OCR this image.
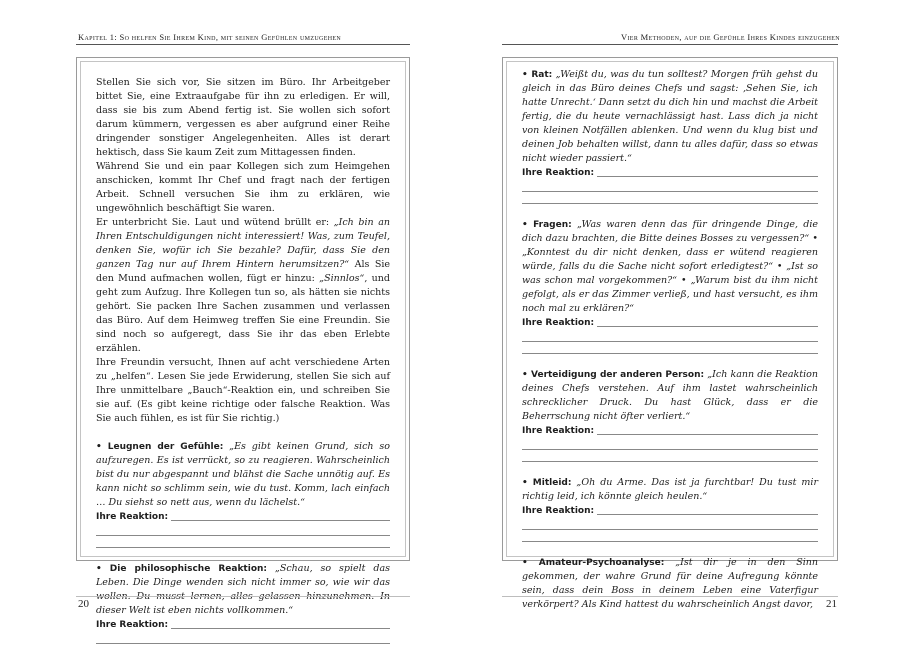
Kapitel 1: So helfen Sie Ihrem Kind, mit seinen Gefühlen umzugehen

Stellen Sie sich vor, Sie sitzen im Büro. Ihr Arbeitgeber bittet Sie, eine Extraaufgabe für ihn zu erledigen. Er will, dass sie bis zum Abend fertig ist. Sie wollen sich sofort darum kümmern, vergessen es aber aufgrund einer Reihe dringender sonstiger Angelegenheiten. Alles ist derart hektisch, dass Sie kaum Zeit zum Mittagessen finden.

Während Sie und ein paar Kollegen sich zum Heimgehen anschicken, kommt Ihr Chef und fragt nach der fertigen Arbeit. Schnell versuchen Sie ihm zu erklären, wie ungewöhnlich beschäftigt Sie waren.

Er unterbricht Sie. Laut und wütend brüllt er: „Ich bin an Ihren Entschuldigungen nicht interessiert! Was, zum Teufel, denken Sie, wofür ich Sie bezahle? Dafür, dass Sie den ganzen Tag nur auf Ihrem Hintern herumsitzen?“ Als Sie den Mund aufmachen wollen, fügt er hinzu: „Sinnlos“, und geht zum Aufzug. Ihre Kollegen tun so, als hätten sie nichts gehört. Sie packen Ihre Sachen zusammen und verlassen das Büro. Auf dem Heimweg treffen Sie eine Freundin. Sie sind noch so aufgeregt, dass Sie ihr das eben Erlebte erzählen.

Ihre Freundin versucht, Ihnen auf acht verschiedene Arten zu „helfen“. Lesen Sie jede Erwiderung, stellen Sie sich auf Ihre unmittelbare „Bauch“-Reaktion ein, und schreiben Sie sie auf. (Es gibt keine richtige oder falsche Reaktion. Was Sie auch fühlen, es ist für Sie richtig.)

• Leugnen der Gefühle: „Es gibt keinen Grund, sich so aufzuregen. Es ist verrückt, so zu reagieren. Wahrscheinlich bist du nur abgespannt und blähst die Sache unnötig auf. Es kann nicht so schlimm sein, wie du tust. Komm, lach einfach … Du siehst so nett aus, wenn du lächelst.“

Ihre Reaktion:

• Die philosophische Reaktion: „Schau, so spielt das Leben. Die Dinge wenden sich nicht immer so, wie wir das wollen. Du musst lernen, alles gelassen hinzunehmen. In dieser Welt ist eben nichts vollkommen.“

Ihre Reaktion:
20
Vier Methoden, auf die Gefühle Ihres Kindes einzugehen

• Rat: „Weißt du, was du tun solltest? Morgen früh gehst du gleich in das Büro deines Chefs und sagst: ‚Sehen Sie, ich hatte Unrecht.‘ Dann setzt du dich hin und machst die Arbeit fertig, die du heute vernachlässigt hast. Lass dich ja nicht von kleinen Notfällen ablenken. Und wenn du klug bist und deinen Job behalten willst, dann tu alles dafür, dass so etwas nicht wieder passiert.“

Ihre Reaktion:

• Fragen: „Was waren denn das für dringende Dinge, die dich dazu brachten, die Bitte deines Bosses zu vergessen?“ • „Konntest du dir nicht denken, dass er wütend reagieren würde, falls du die Sache nicht sofort erledigtest?“ • „Ist so was schon mal vorgekommen?“ • „Warum bist du ihm nicht gefolgt, als er das Zimmer verließ, und hast versucht, es ihm noch mal zu erklären?“

Ihre Reaktion:

• Verteidigung der anderen Person: „Ich kann die Reaktion deines Chefs verstehen. Auf ihm lastet wahrscheinlich schrecklicher Druck. Du hast Glück, dass er die Beherrschung nicht öfter verliert.“

Ihre Reaktion:

• Mitleid: „Oh du Arme. Das ist ja furchtbar! Du tust mir richtig leid, ich könnte gleich heulen.“

Ihre Reaktion:

• Amateur-Psychoanalyse: „Ist dir je in den Sinn gekommen, der wahre Grund für deine Aufregung könnte sein, dass dein Boss in deinem Leben eine Vaterfigur verkörpert? Als Kind hattest du wahrscheinlich Angst davor,	21
